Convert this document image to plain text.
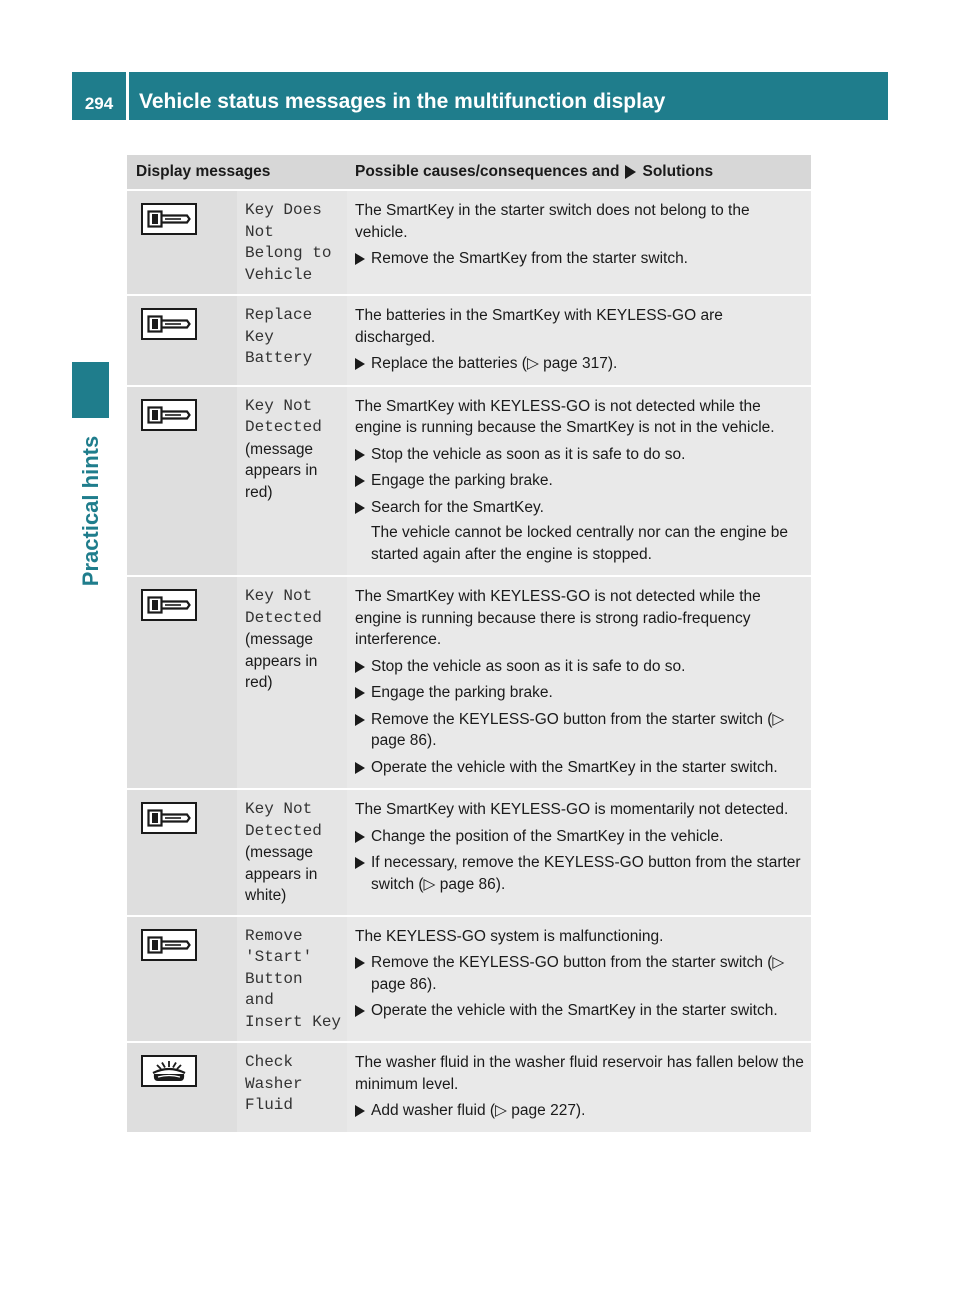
294	Vehicle status messages in the multifunction display
Practical hints
Display messages	Possible causes/consequences and Solutions
Key Does
Not
Belong to
Vehicle
The SmartKey in the starter switch does not belong to the vehicle.
Remove the SmartKey from the starter switch.
Replace
Key
Battery
The batteries in the SmartKey with KEYLESS-GO are discharged.
Replace the batteries (▷ page 317).
Key Not
Detected
(message appears in red)
The SmartKey with KEYLESS-GO is not detected while the engine is running because the SmartKey is not in the vehicle.
Stop the vehicle as soon as it is safe to do so.
Engage the parking brake.
Search for the SmartKey.
The vehicle cannot be locked centrally nor can the engine be started again after the engine is stopped.
Key Not
Detected
(message appears in red)
The SmartKey with KEYLESS-GO is not detected while the engine is running because there is strong radio-frequency interference.
Stop the vehicle as soon as it is safe to do so.
Engage the parking brake.
Remove the KEYLESS-GO button from the starter switch (▷ page 86).
Operate the vehicle with the SmartKey in the starter switch.
Key Not
Detected
(message appears in white)
The SmartKey with KEYLESS-GO is momentarily not detected.
Change the position of the SmartKey in the vehicle.
If necessary, remove the KEYLESS-GO button from the starter switch (▷ page 86).
Remove
'Start'
Button
and
Insert Key
The KEYLESS-GO system is malfunctioning.
Remove the KEYLESS-GO button from the starter switch (▷ page 86).
Operate the vehicle with the SmartKey in the starter switch.
Check
Washer
Fluid
The washer fluid in the washer fluid reservoir has fallen below the minimum level.
Add washer fluid (▷ page 227).
